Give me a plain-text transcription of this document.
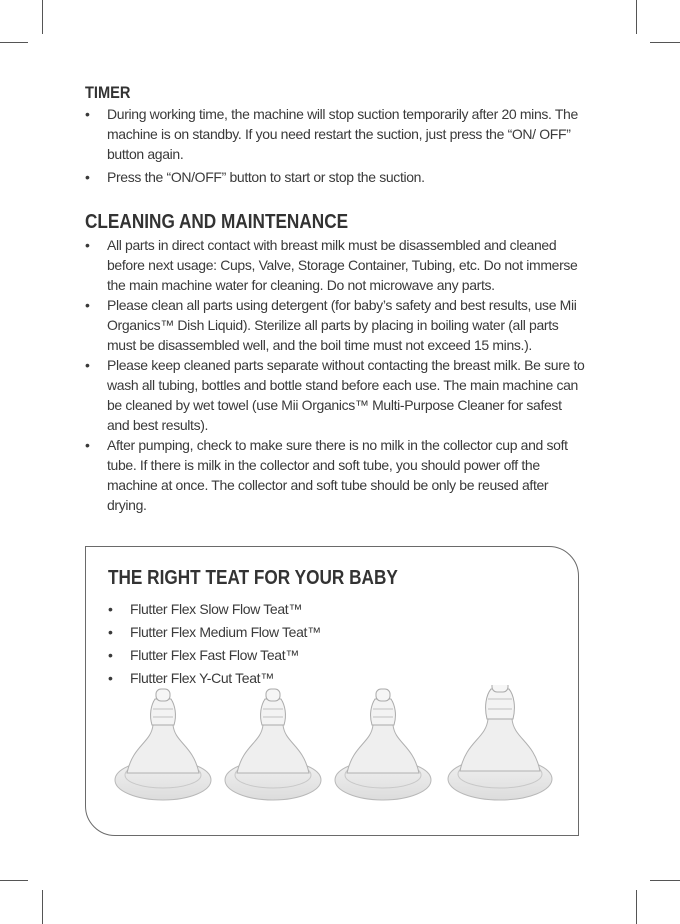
TIMER
• During working time, the machine will stop suction temporarily after 20 mins. The machine is on standby. If you need restart the suction, just press the “ON/ OFF” button again.
• Press the “ON/OFF” button to start or stop the suction.
CLEANING AND MAINTENANCE
• All parts in direct contact with breast milk must be disassembled and cleaned before next usage: Cups, Valve, Storage Container, Tubing, etc. Do not immerse the main machine water for cleaning. Do not microwave any parts.
• Please clean all parts using detergent (for baby’s safety and best results, use Mii Organics™ Dish Liquid). Sterilize all parts by placing in boiling water (all parts must be disassembled well, and the boil time must not exceed 15 mins.).
• Please keep cleaned parts separate without contacting the breast milk. Be sure to wash all tubing, bottles and bottle stand before each use. The main machine can be cleaned by wet towel (use Mii Organics™ Multi-Purpose Cleaner for safest and best results).
• After pumping, check to make sure there is no milk in the collector cup and soft tube. If there is milk in the collector and soft tube, you should power off the machine at once. The collector and soft tube should be only be reused after drying.
THE RIGHT TEAT FOR YOUR BABY
• Flutter Flex Slow Flow Teat™
• Flutter Flex Medium Flow Teat™
• Flutter Flex Fast Flow Teat™
• Flutter Flex Y-Cut Teat™
